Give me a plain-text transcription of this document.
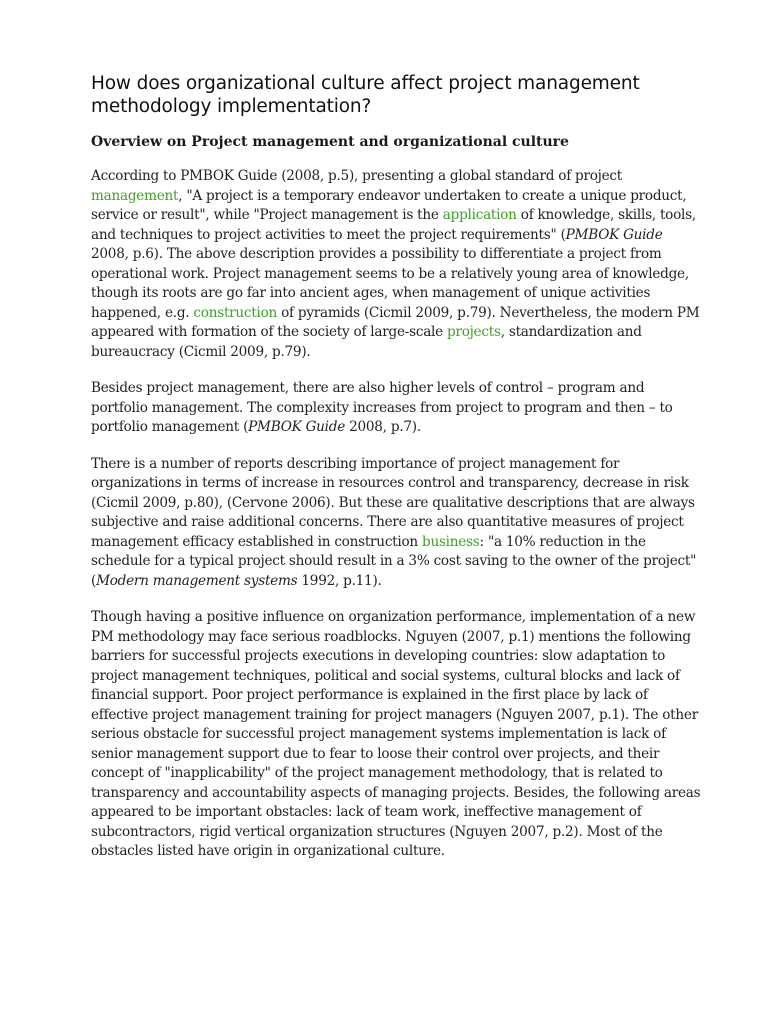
How does organizational culture affect project management methodology implementation?
Overview on Project management and organizational culture

According to PMBOK Guide (2008, p.5), presenting a global standard of project management, "A project is a temporary endeavor undertaken to create a unique product, service or result", while "Project management is the application of knowledge, skills, tools, and techniques to project activities to meet the project requirements" (PMBOK Guide 2008, p.6). The above description provides a possibility to differentiate a project from operational work. Project management seems to be a relatively young area of knowledge, though its roots are go far into ancient ages, when management of unique activities happened, e.g. construction of pyramids (Cicmil 2009, p.79). Nevertheless, the modern PM appeared with formation of the society of large-scale projects, standardization and bureaucracy (Cicmil 2009, p.79).

Besides project management, there are also higher levels of control – program and portfolio management. The complexity increases from project to program and then – to portfolio management (PMBOK Guide 2008, p.7).

There is a number of reports describing importance of project management for organizations in terms of increase in resources control and transparency, decrease in risk (Cicmil 2009, p.80), (Cervone 2006). But these are qualitative descriptions that are always subjective and raise additional concerns. There are also quantitative measures of project management efficacy established in construction business: "a 10% reduction in the schedule for a typical project should result in a 3% cost saving to the owner of the project" (Modern management systems 1992, p.11).

Though having a positive influence on organization performance, implementation of a new PM methodology may face serious roadblocks. Nguyen (2007, p.1) mentions the following barriers for successful projects executions in developing countries: slow adaptation to project management techniques, political and social systems, cultural blocks and lack of financial support. Poor project performance is explained in the first place by lack of effective project management training for project managers (Nguyen 2007, p.1). The other serious obstacle for successful project management systems implementation is lack of senior management support due to fear to loose their control over projects, and their concept of "inapplicability" of the project management methodology, that is related to transparency and accountability aspects of managing projects. Besides, the following areas appeared to be important obstacles: lack of team work, ineffective management of subcontractors, rigid vertical organization structures (Nguyen 2007, p.2). Most of the obstacles listed have origin in organizational culture.
